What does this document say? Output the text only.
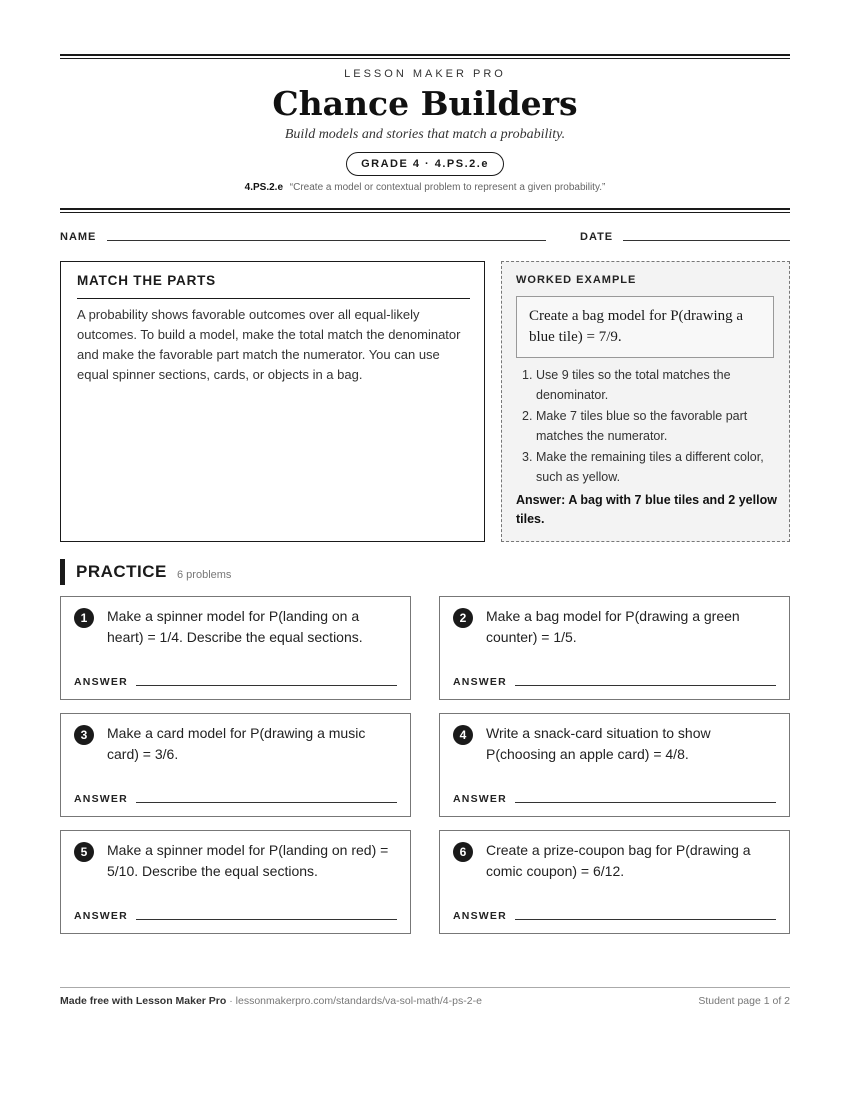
LESSON MAKER PRO
Chance Builders
Build models and stories that match a probability.
GRADE 4 · 4.PS.2.e
4.PS.2.e “Create a model or contextual problem to represent a given probability.”
NAME	DATE
MATCH THE PARTS

A probability shows favorable outcomes over all equal-likely outcomes. To build a model, make the total match the denominator and make the favorable part match the numerator. You can use equal spinner sections, cards, or objects in a bag.

WORKED EXAMPLE
Create a bag model for P(drawing a blue tile) = 7/9.
1. Use 9 tiles so the total matches the denominator.
2. Make 7 tiles blue so the favorable part matches the numerator.
3. Make the remaining tiles a different color, such as yellow.
Answer: A bag with 7 blue tiles and 2 yellow tiles.
PRACTICE 6 problems
1	Make a spinner model for P(landing on a heart) = 1/4. Describe the equal sections.
ANSWER
2	Make a bag model for P(drawing a green counter) = 1/5.
ANSWER
3	Make a card model for P(drawing a music card) = 3/6.
ANSWER
4	Write a snack-card situation to show P(choosing an apple card) = 4/8.
ANSWER
5	Make a spinner model for P(landing on red) = 5/10. Describe the equal sections.
ANSWER
6	Create a prize-coupon bag for P(drawing a comic coupon) = 6/12.
ANSWER
Made free with Lesson Maker Pro · lessonmakerpro.com/standards/va-sol-math/4-ps-2-e	Student page 1 of 2
